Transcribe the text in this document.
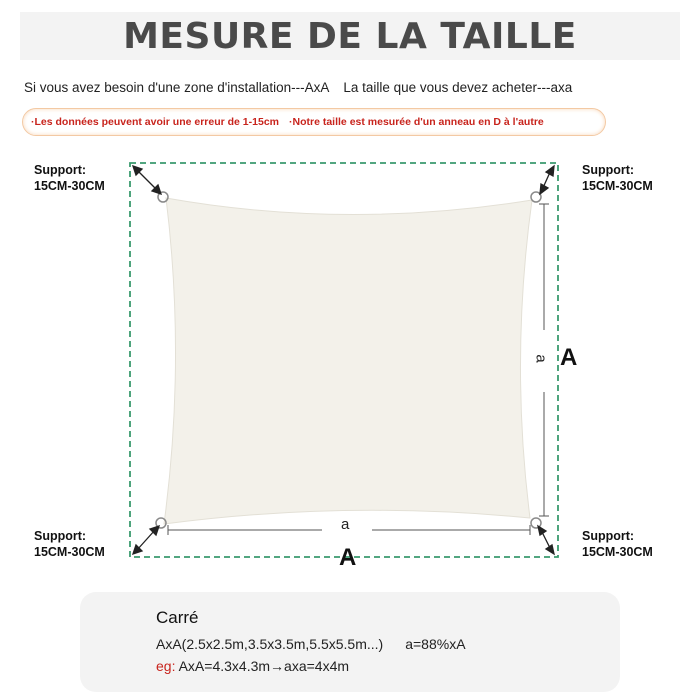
MESURE DE LA TAILLE
Si vous avez besoin d'une zone d'installation---AxA La taille que vous devez acheter---axa
·Les données peuvent avoir une erreur de 1-15cm ·Notre taille est mesurée d'un anneau en D à l'autre
Support:
15CM-30CM
Support:
15CM-30CM
Support:
15CM-30CM
Support:
15CM-30CM
a A
a
A
Carré
AxA(2.5x2.5m,3.5x3.5m,5.5x5.5m...) a=88%xA
eg: AxA=4.3x4.3m→axa=4x4m
